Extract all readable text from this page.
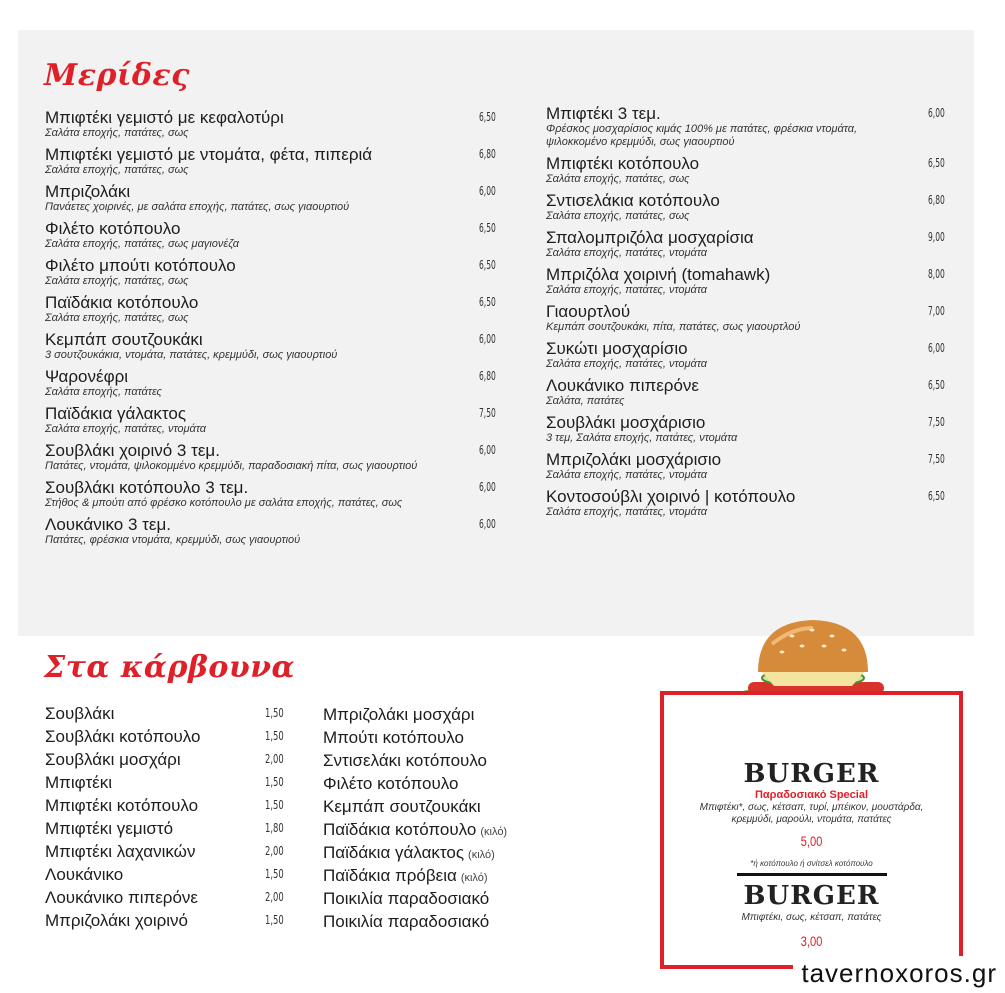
Μερίδες
Μπιφτέκι γεμιστό με κεφαλοτύρι
Σαλάτα εποχής, πατάτες, σως
6,50
Μπιφτέκι γεμιστό με ντομάτα, φέτα, πιπεριά
Σαλάτα εποχής, πατάτες, σως
6,80
Μπριζολάκι
Πανάετες χοιρινές, με σαλάτα εποχής, πατάτες, σως γιαουρτιού
6,00
Φιλέτο κοτόπουλο
Σαλάτα εποχής, πατάτες, σως μαγιονέζα
6,50
Φιλέτο μπούτι κοτόπουλο
Σαλάτα εποχής, πατάτες, σως
6,50
Παϊδάκια κοτόπουλο
Σαλάτα εποχής, πατάτες, σως
6,50
Κεμπάπ σουτζουκάκι
3 σουτζουκάκια, ντομάτα, πατάτες, κρεμμύδι, σως γιαουρτιού
6,00
Ψαρονέφρι
Σαλάτα εποχής, πατάτες
6,80
Παϊδάκια γάλακτος
Σαλάτα εποχής, πατάτες, ντομάτα
7,50
Σουβλάκι χοιρινό 3 τεμ.
Πατάτες, ντομάτα, ψιλοκομμένο κρεμμύδι, παραδοσιακή πίτα, σως γιαουρτιού
6,00
Σουβλάκι κοτόπουλο 3 τεμ.
Στήθος & μπούτι από φρέσκο κοτόπουλο με σαλάτα εποχής, πατάτες, σως
6,00
Λουκάνικο 3 τεμ.
Πατάτες, φρέσκια ντομάτα, κρεμμύδι, σως γιαουρτιού
6,00
Μπιφτέκι 3 τεμ.
Φρέσκος μοσχαρίσιος κιμάς 100% με πατάτες, φρέσκια ντομάτα, ψιλοκκομένο κρεμμύδι, σως γιαουρτιού
6,00
Μπιφτέκι κοτόπουλο
Σαλάτα εποχής, πατάτες, σως
6,50
Σντισελάκια κοτόπουλο
Σαλάτα εποχής, πατάτες, σως
6,80
Σπαλομπριζόλα μοσχαρίσια
Σαλάτα εποχής, πατάτες, ντομάτα
9,00
Μπριζόλα χοιρινή (tomahawk)
Σαλάτα εποχής, πατάτες, ντομάτα
8,00
Γιαουρτλού
Κεμπάπ σουτζουκάκι, πίτα, πατάτες, σως γιαουρτλού
7,00
Συκώτι μοσχαρίσιο
Σαλάτα εποχής, πατάτες, ντομάτα
6,00
Λουκάνικο πιπερόνε
Σαλάτα, πατάτες
6,50
Σουβλάκι μοσχάρισιο
3 τεμ, Σαλάτα εποχής, πατάτες, ντομάτα
7,50
Μπριζολάκι μοσχάρισιο
Σαλάτα εποχής, πατάτες, ντομάτα
7,50
Κοντοσούβλι χοιρινό | κοτόπουλο
Σαλάτα εποχής, πατάτες, ντομάτα
6,50
Στα κάρβουνα
Σουβλάκι	1,50
Σουβλάκι κοτόπουλο	1,50
Σουβλάκι μοσχάρι	2,00
Μπιφτέκι	1,50
Μπιφτέκι κοτόπουλο	1,50
Μπιφτέκι γεμιστό	1,80
Μπιφτέκι λαχανικών	2,00
Λουκάνικο	1,50
Λουκάνικο πιπερόνε	2,00
Μπριζολάκι χοιρινό	1,50
Μπριζολάκι μοσχάρι
Μπούτι κοτόπουλο
Σντισελάκι κοτόπουλο
Φιλέτο κοτόπουλο
Κεμπάπ σουτζουκάκι
Παϊδάκια κοτόπουλο (κιλό)
Παϊδάκια γάλακτος (κιλό)
Παϊδάκια πρόβεια (κιλό)
Ποικιλία παραδοσιακό
Ποικιλία παραδοσιακό
BURGER
Παραδοσιακό Special
Μπιφτέκι*, σως, κέτσαπ, τυρί, μπέικον, μουστάρδα, κρεμμύδι, μαρούλι, ντομάτα, πατάτες
5,00
*ή κοτόπουλο ή σνίτσελ κοτόπουλο
BURGER
Μπιφτέκι, σως, κέτσαπ, πατάτες
3,00
tavernoxoros.gr
